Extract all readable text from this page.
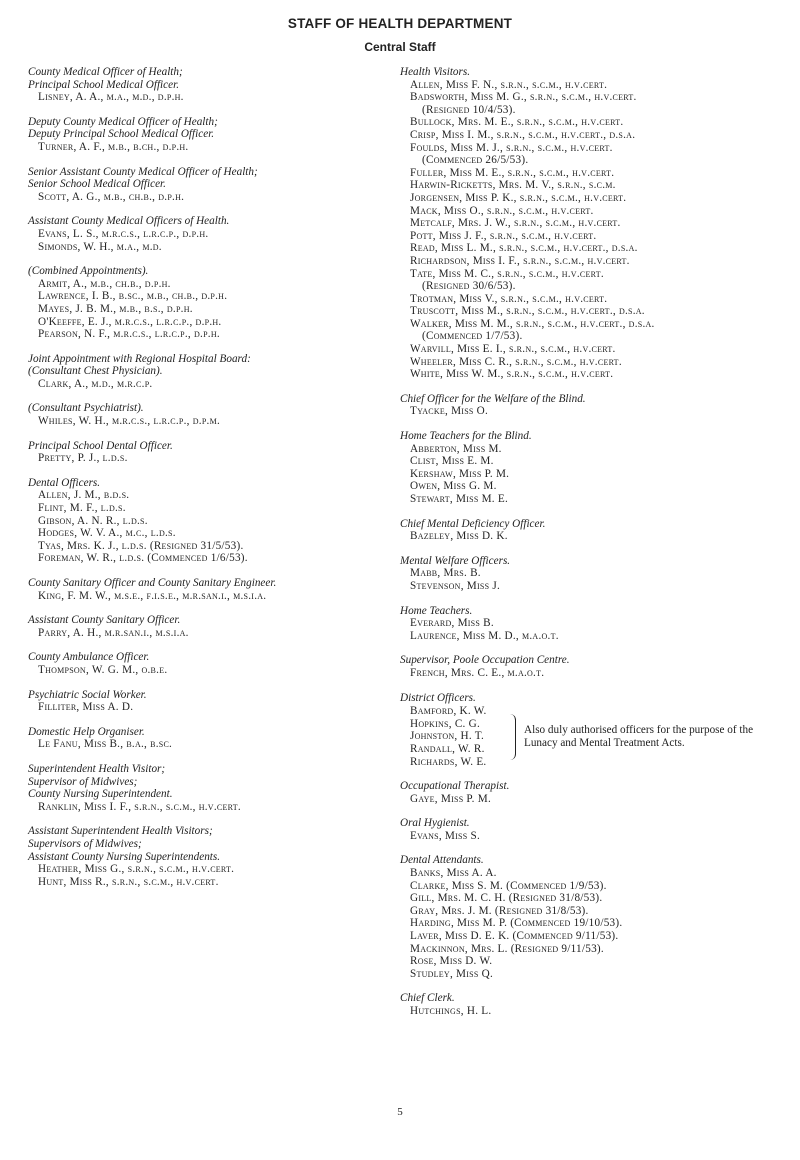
STAFF OF HEALTH DEPARTMENT
Central Staff
County Medical Officer of Health;
Principal School Medical Officer.
Lisney, A. A., m.a., m.d., d.p.h.
Deputy County Medical Officer of Health;
Deputy Principal School Medical Officer.
Turner, A. F., m.b., b.ch., d.p.h.
Senior Assistant County Medical Officer of Health;
Senior School Medical Officer.
Scott, A. G., m.b., ch.b., d.p.h.
Assistant County Medical Officers of Health.
Evans, L. S., m.r.c.s., l.r.c.p., d.p.h.
Simonds, W. H., m.a., m.d.
(Combined Appointments).
Armit, A., m.b., ch.b., d.p.h.
Lawrence, I. B., b.sc., m.b., ch.b., d.p.h.
Mayes, J. B. M., m.b., b.s., d.p.h.
O'Keeffe, E. J., m.r.c.s., l.r.c.p., d.p.h.
Pearson, N. F., m.r.c.s., l.r.c.p., d.p.h.
Joint Appointment with Regional Hospital Board:
(Consultant Chest Physician).
Clark, A., m.d., m.r.c.p.
(Consultant Psychiatrist).
Whiles, W. H., m.r.c.s., l.r.c.p., d.p.m.
Principal School Dental Officer.
Pretty, P. J., l.d.s.
Dental Officers.
Allen, J. M., b.d.s.
Flint, M. F., l.d.s.
Gibson, A. N. R., l.d.s.
Hodges, W. V. A., m.c., l.d.s.
Tyas, Mrs. K. J., l.d.s. (Resigned 31/5/53).
Foreman, W. R., l.d.s. (Commenced 1/6/53).
County Sanitary Officer and County Sanitary Engineer.
King, F. M. W., m.s.e., f.i.s.e., m.r.san.i., m.s.i.a.
Assistant County Sanitary Officer.
Parry, A. H., m.r.san.i., m.s.i.a.
County Ambulance Officer.
Thompson, W. G. M., o.b.e.
Psychiatric Social Worker.
Filliter, Miss A. D.
Domestic Help Organiser.
Le Fanu, Miss B., b.a., b.sc.
Superintendent Health Visitor;
Supervisor of Midwives;
County Nursing Superintendent.
Ranklin, Miss I. F., s.r.n., s.c.m., h.v.cert.
Assistant Superintendent Health Visitors;
Supervisors of Midwives;
Assistant County Nursing Superintendents.
Heather, Miss G., s.r.n., s.c.m., h.v.cert.
Hunt, Miss R., s.r.n., s.c.m., h.v.cert.
Health Visitors.
Allen, Miss F. N., s.r.n., s.c.m., h.v.cert.
Badsworth, Miss M. G., s.r.n., s.c.m., h.v.cert.
(Resigned 10/4/53).
Bullock, Mrs. M. E., s.r.n., s.c.m., h.v.cert.
Crisp, Miss I. M., s.r.n., s.c.m., h.v.cert., d.s.a.
Foulds, Miss M. J., s.r.n., s.c.m., h.v.cert.
(Commenced 26/5/53).
Fuller, Miss M. E., s.r.n., s.c.m., h.v.cert.
Harwin-Ricketts, Mrs. M. V., s.r.n., s.c.m.
Jorgensen, Miss P. K., s.r.n., s.c.m., h.v.cert.
Mack, Miss O., s.r.n., s.c.m., h.v.cert.
Metcalf, Mrs. J. W., s.r.n., s.c.m., h.v.cert.
Pott, Miss J. F., s.r.n., s.c.m., h.v.cert.
Read, Miss L. M., s.r.n., s.c.m., h.v.cert., d.s.a.
Richardson, Miss I. F., s.r.n., s.c.m., h.v.cert.
Tate, Miss M. C., s.r.n., s.c.m., h.v.cert.
(Resigned 30/6/53).
Trotman, Miss V., s.r.n., s.c.m., h.v.cert.
Truscott, Miss M., s.r.n., s.c.m., h.v.cert., d.s.a.
Walker, Miss M. M., s.r.n., s.c.m., h.v.cert., d.s.a.
(Commenced 1/7/53).
Warvill, Miss E. I., s.r.n., s.c.m., h.v.cert.
Wheeler, Miss C. R., s.r.n., s.c.m., h.v.cert.
White, Miss W. M., s.r.n., s.c.m., h.v.cert.
Chief Officer for the Welfare of the Blind.
Tyacke, Miss O.
Home Teachers for the Blind.
Abberton, Miss M.
Clist, Miss E. M.
Kershaw, Miss P. M.
Owen, Miss G. M.
Stewart, Miss M. E.
Chief Mental Deficiency Officer.
Bazeley, Miss D. K.
Mental Welfare Officers.
Mabb, Mrs. B.
Stevenson, Miss J.
Home Teachers.
Everard, Miss B.
Laurence, Miss M. D., m.a.o.t.
Supervisor, Poole Occupation Centre.
French, Mrs. C. E., m.a.o.t.
District Officers.
Bamford, K. W.
Hopkins, C. G.
Johnston, H. T.
Randall, W. R.
Richards, W. E.
Also duly authorised officers for the purpose of the Lunacy and Mental Treatment Acts.
Occupational Therapist.
Gaye, Miss P. M.
Oral Hygienist.
Evans, Miss S.
Dental Attendants.
Banks, Miss A. A.
Clarke, Miss S. M. (Commenced 1/9/53).
Gill, Mrs. M. C. H. (Resigned 31/8/53).
Gray, Mrs. J. M. (Resigned 31/8/53).
Harding, Miss M. P. (Commenced 19/10/53).
Laver, Miss D. E. K. (Commenced 9/11/53).
Mackinnon, Mrs. L. (Resigned 9/11/53).
Rose, Miss D. W.
Studley, Miss Q.
Chief Clerk.
Hutchings, H. L.
5
